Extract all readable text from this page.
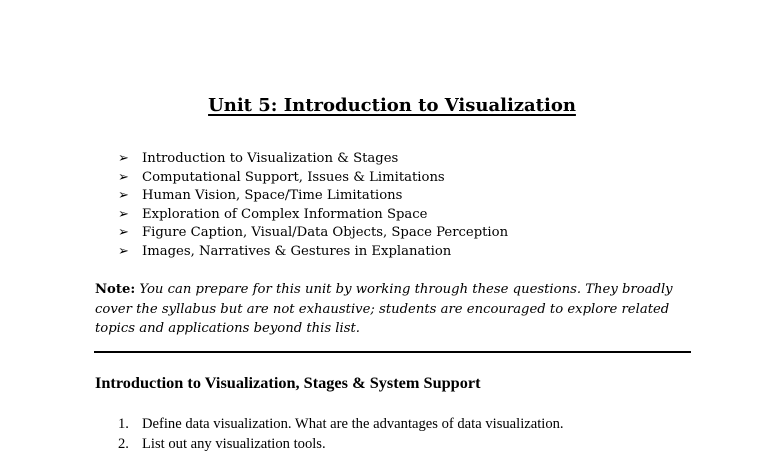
Unit 5: Introduction to Visualization
➢ Introduction to Visualization & Stages
➢ Computational Support, Issues & Limitations
➢ Human Vision, Space/Time Limitations
➢ Exploration of Complex Information Space
➢ Figure Caption, Visual/Data Objects, Space Perception
➢ Images, Narratives & Gestures in Explanation
Note: You can prepare for this unit by working through these questions. They broadly cover the syllabus but are not exhaustive; students are encouraged to explore related topics and applications beyond this list.
Introduction to Visualization, Stages & System Support
1. Define data visualization. What are the advantages of data visualization.
2. List out any visualization tools.
